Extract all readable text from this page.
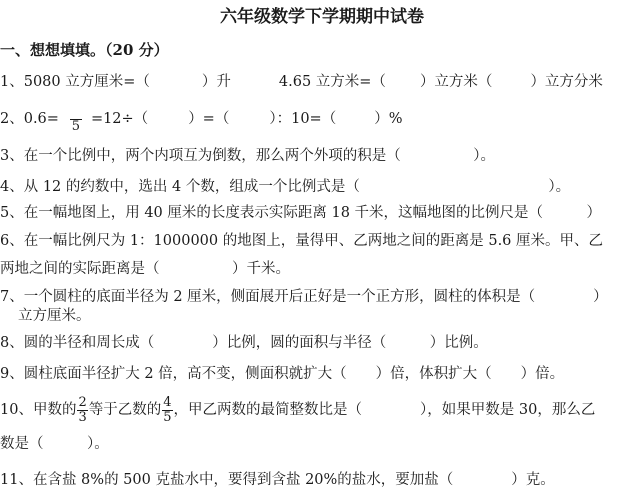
六年级数学下学期期中试卷
一、想想填填。（20 分）
1、5080 立方厘米=（	）升	4.65 立方米=（ ）立方米（	）立方分米
2、0.6= 5 =12÷（	）=（	）：10=（	）%
3、在一个比例中，两个内项互为倒数，那么两个外项的积是（　　　　　）。
4、从 12 的约数中，选出 4 个数，组成一个比例式是（　　　　　　　　　　　　　）。
5、在一幅地图上，用 40 厘米的长度表示实际距离 18 千米，这幅地图的比例尺是（　　　）
6、在一幅比例尺为 1：1000000 的地图上，量得甲、乙两地之间的距离是 5.6 厘米。甲、乙
两地之间的实际距离是（　　　　　）千米。
7、一个圆柱的底面半径为 2 厘米，侧面展开后正好是一个正方形，圆柱的体积是（　　　　）
立方厘米。
8、圆的半径和周长成（　　　　）比例，圆的面积与半径（　　　）比例。
9、圆柱底面半径扩大 2 倍，高不变，侧面积就扩大（　　）倍，体积扩大（　　）倍。
10、甲数的 $\frac{2}{3}$ 等于乙数的 $\frac{4}{5}$ ，甲乙两数的最简整数比是（　　　　），如果甲数是 30，那么乙
数是（　　　）。
11、在含盐 8%的 500 克盐水中，要得到含盐 20%的盐水，要加盐（　　　　）克。
